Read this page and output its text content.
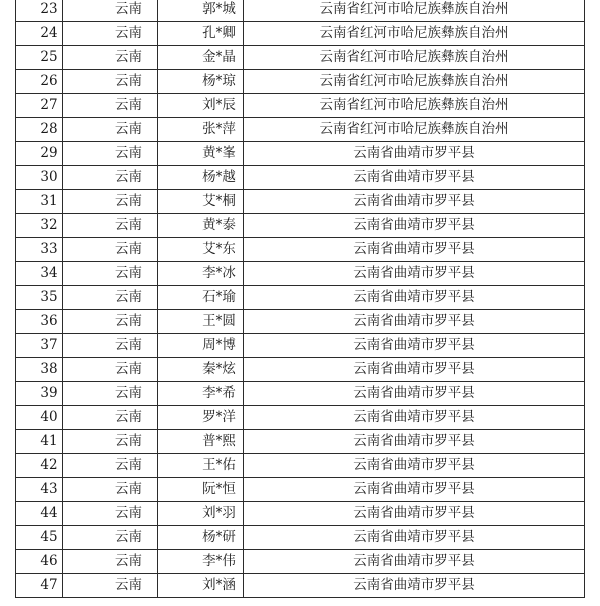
23	云南	郭*城	云南省红河市哈尼族彝族自治州
24	云南	孔*卿	云南省红河市哈尼族彝族自治州
25	云南	金*晶	云南省红河市哈尼族彝族自治州
26	云南	杨*琼	云南省红河市哈尼族彝族自治州
27	云南	刘*辰	云南省红河市哈尼族彝族自治州
28	云南	张*萍	云南省红河市哈尼族彝族自治州
29	云南	黄*峯	云南省曲靖市罗平县
30	云南	杨*越	云南省曲靖市罗平县
31	云南	艾*桐	云南省曲靖市罗平县
32	云南	黄*泰	云南省曲靖市罗平县
33	云南	艾*东	云南省曲靖市罗平县
34	云南	李*冰	云南省曲靖市罗平县
35	云南	石*瑜	云南省曲靖市罗平县
36	云南	王*圆	云南省曲靖市罗平县
37	云南	周*博	云南省曲靖市罗平县
38	云南	秦*炫	云南省曲靖市罗平县
39	云南	李*希	云南省曲靖市罗平县
40	云南	罗*洋	云南省曲靖市罗平县
41	云南	普*熙	云南省曲靖市罗平县
42	云南	王*佑	云南省曲靖市罗平县
43	云南	阮*恒	云南省曲靖市罗平县
44	云南	刘*羽	云南省曲靖市罗平县
45	云南	杨*研	云南省曲靖市罗平县
46	云南	李*伟	云南省曲靖市罗平县
47	云南	刘*涵	云南省曲靖市罗平县
